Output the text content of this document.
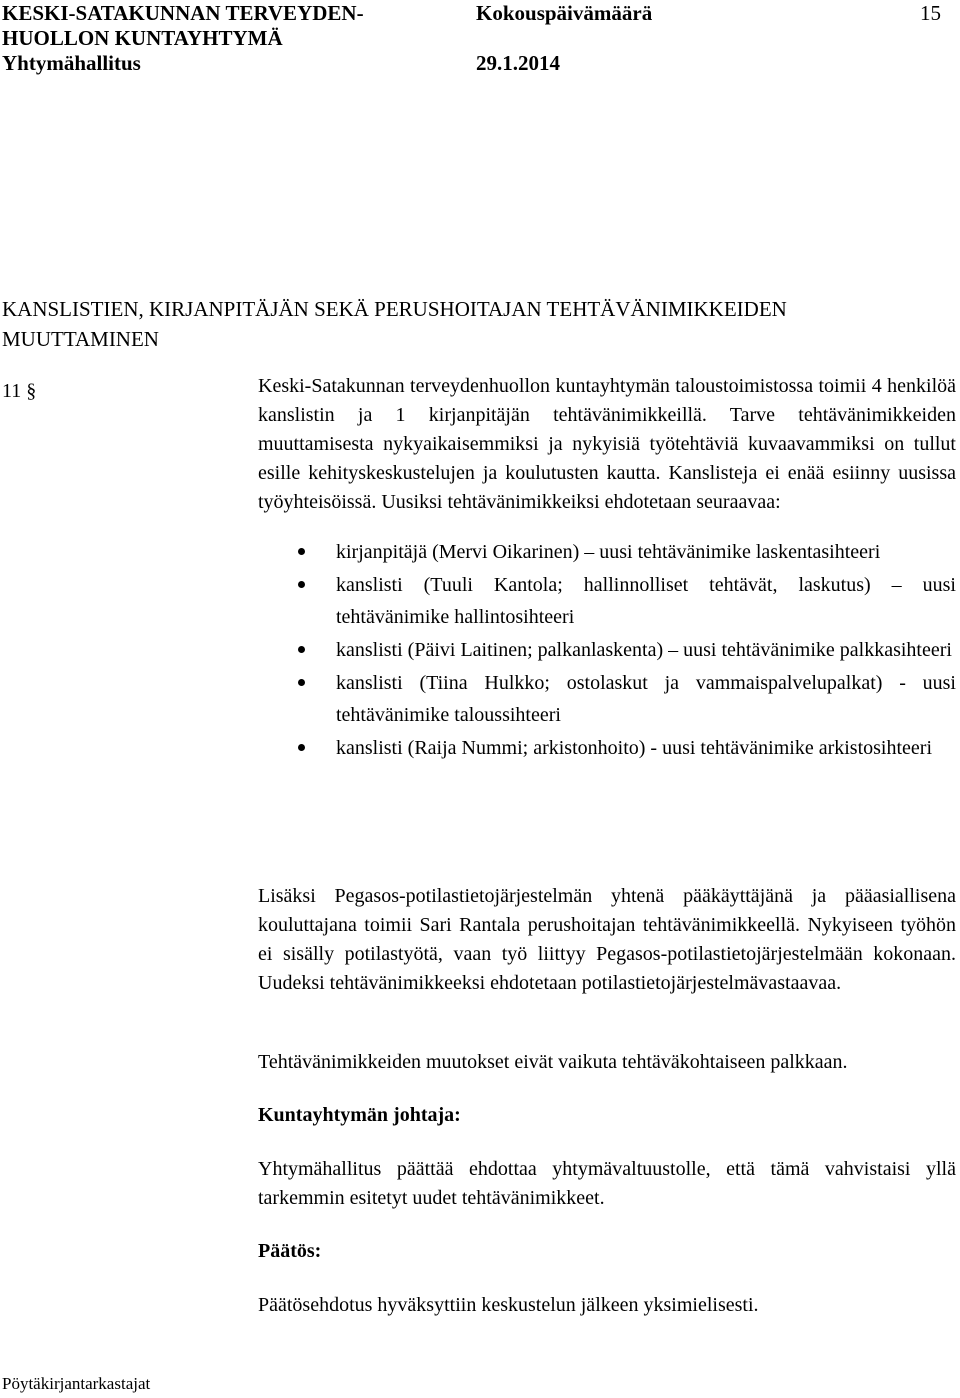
KESKI-SATAKUNNAN TERVEYDEN-
HUOLLON KUNTAYHTYMÄ
Yhtymähallitus
Kokouspäivämäärä
29.1.2014
15
KANSLISTIEN, KIRJANPITÄJÄN SEKÄ PERUSHOITAJAN TEHTÄVÄNIMIKKEIDEN MUUTTAMINEN
11 §	Keski-Satakunnan terveydenhuollon kuntayhtymän taloustoimistossa toimii 4 henkilöä kanslistin ja 1 kirjanpitäjän tehtävänimikkeillä. Tarve tehtävänimikkeiden muuttamisesta nykyaikaisemmiksi ja nykyisiä työtehtäviä kuvaavammiksi on tullut esille kehityskeskustelujen ja koulutusten kautta. Kanslisteja ei enää esiinny uusissa työyhteisöissä. Uusiksi tehtävänimikkeiksi ehdotetaan seuraavaa:
kirjanpitäjä (Mervi Oikarinen) – uusi tehtävänimike laskentasihteeri
kanslisti (Tuuli Kantola; hallinnolliset tehtävät, laskutus) – uusi tehtävänimike hallintosihteeri
kanslisti (Päivi Laitinen; palkanlaskenta) – uusi tehtävänimike palkkasihteeri
kanslisti (Tiina Hulkko; ostolaskut ja vammaispalvelupalkat) - uusi tehtävänimike taloussihteeri
kanslisti (Raija Nummi; arkistonhoito) - uusi tehtävänimike arkistosihteeri
Lisäksi Pegasos-potilastietojärjestelmän yhtenä pääkäyttäjänä ja pääasiallisena kouluttajana toimii Sari Rantala perushoitajan tehtävänimikkeellä. Nykyiseen työhön ei sisälly potilastyötä, vaan työ liittyy Pegasos-potilastietojärjestelmään kokonaan. Uudeksi tehtävänimikkeeksi ehdotetaan potilastietojärjestelmävastaavaa.
Tehtävänimikkeiden muutokset eivät vaikuta tehtäväkohtaiseen palkkaan.
Kuntayhtymän johtaja:
Yhtymähallitus päättää ehdottaa yhtymävaltuustolle, että tämä vahvistaisi yllä tarkemmin esitetyt uudet tehtävänimikkeet.
Päätös:
Päätösehdotus hyväksyttiin keskustelun jälkeen yksimielisesti.
Pöytäkirjantarkastajat
